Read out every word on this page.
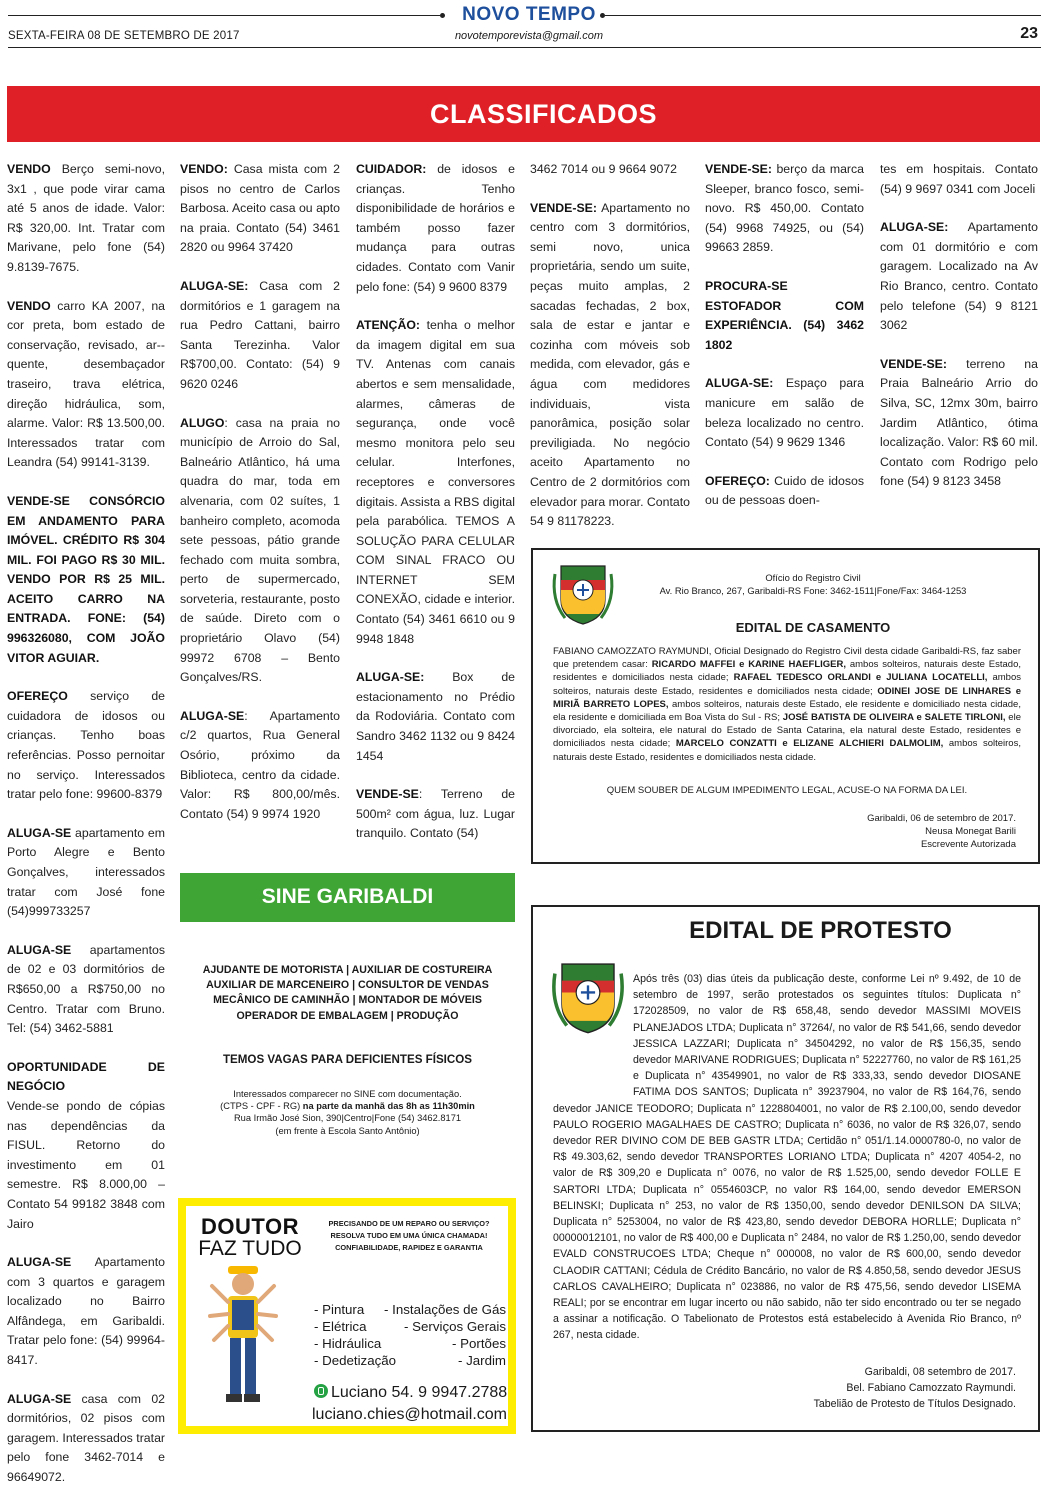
NOVO TEMPO
SEXTA-FEIRA 08 DE SETEMBRO DE 2017	novotemporevista@gmail.com	23
CLASSIFICADOS

VENDO Berço semi-novo, 3x1 , que pode virar cama até 5 anos de idade. Valor: R$ 320,00. Int. Tratar com Marivane, pelo fone (54) 9.8139-7675.

VENDO carro KA 2007, na cor preta, bom estado de conservação, revisado, ar--quente, desembaçador traseiro, trava elétrica, direção hidráulica, som, alarme. Valor: R$ 13.500,00. Interessados tratar com Leandra (54) 99141-3139.

VENDE-SE CONSÓRCIO EM ANDAMENTO PARA IMÓVEL. CRÉDITO R$ 304 MIL. FOI PAGO R$ 30 MIL. VENDO POR R$ 25 MIL. ACEITO CARRO NA ENTRADA. FONE: (54) 996326080, COM JOÃO VITOR AGUIAR.

OFEREÇO serviço de cuidadora de idosos ou crianças. Tenho boas referências. Posso pernoitar no serviço. Interessados tratar pelo fone: 99600-8379

ALUGA-SE apartamento em Porto Alegre e Bento Gonçalves, interessados tratar com José fone (54)999733257

ALUGA-SE apartamentos de 02 e 03 dormitórios de R$650,00 a R$750,00 no Centro. Tratar com Bruno. Tel: (54) 3462-5881

OPORTUNIDADE DE NEGÓCIO
Vende-se pondo de cópias nas dependências da FISUL. Retorno do investimento em 01 semestre. R$ 8.000,00 – Contato 54 99182 3848 com Jairo

ALUGA-SE Apartamento com 3 quartos e garagem localizado no Bairro Alfândega, em Garibaldi. Tratar pelo fone: (54) 99964-8417.

ALUGA-SE casa com 02 dormitórios, 02 pisos com garagem. Interessados tratar pelo fone 3462-7014 e 96649072.

VENDO: Casa mista com 2 pisos no centro de Carlos Barbosa. Aceito casa ou apto na praia. Contato (54) 3461 2820 ou 9964 37420

ALUGA-SE: Casa com 2 dormitórios e 1 garagem na rua Pedro Cattani, bairro Santa Terezinha. Valor R$700,00. Contato: (54) 9 9620 0246

ALUGO: casa na praia no município de Arroio do Sal, Balneário Atlântico, há uma quadra do mar, toda em alvenaria, com 02 suítes, 1 banheiro completo, acomoda sete pessoas, pátio grande fechado com muita sombra, perto de supermercado, sorveteria, restaurante, posto de saúde. Direto com o proprietário Olavo (54) 99972 6708 – Bento Gonçalves/RS.

ALUGA-SE: Apartamento c/2 quartos, Rua General Osório, próximo da Biblioteca, centro da cidade. Valor: R$ 800,00/mês. Contato (54) 9 9974 1920

CUIDADOR: de idosos e crianças. Tenho disponibilidade de horários e também posso fazer mudança para outras cidades. Contato com Vanir pelo fone: (54) 9 9600 8379

ATENÇÃO: tenha o melhor da imagem digital em sua TV. Antenas com canais abertos e sem mensalidade, alarmes, câmeras de segurança, onde você mesmo monitora pelo seu celular. Interfones, receptores e conversores digitais. Assista a RBS digital pela parabólica. TEMOS A SOLUÇÃO PARA CELULAR COM SINAL FRACO OU INTERNET SEM CONEXÃO, cidade e interior. Contato (54) 3461 6610 ou 9 9948 1848

ALUGA-SE: Box de estacionamento no Prédio da Rodoviária. Contato com Sandro 3462 1132 ou 9 8424 1454

VENDE-SE: Terreno de 500m² com água, luz. Lugar tranquilo. Contato (54)

3462 7014 ou 9 9664 9072

VENDE-SE: Apartamento no centro com 3 dormitórios, semi novo, unica proprietária, sendo um suite, peças muito amplas, 2 sacadas fechadas, 2 box, sala de estar e jantar e cozinha com móveis sob medida, com elevador, gás e água com medidores individuais, vista panorâmica, posição solar previligiada. No negócio aceito Apartamento no Centro de 2 dormitórios com elevador para morar. Contato 54 9 81178223.

VENDE-SE: berço da marca Sleeper, branco fosco, semi-novo. R$ 450,00. Contato (54) 9968 74925, ou (54) 99663 2859.

PROCURA-SE ESTOFADOR COM EXPERIÊNCIA. (54) 3462 1802

ALUGA-SE: Espaço para manicure em salão de beleza localizado no centro. Contato (54) 9 9629 1346

OFEREÇO: Cuido de idosos ou de pessoas doen-

tes em hospitais. Contato (54) 9 9697 0341 com Joceli

ALUGA-SE: Apartamento com 01 dormitório e com garagem. Localizado na Av Rio Branco, centro. Contato pelo telefone (54) 9 8121 3062

VENDE-SE: terreno na Praia Balneário Arrio do Silva, SC, 12mx 30m, bairro Jardim Atlântico, ótima localização. Valor: R$ 60 mil. Contato com Rodrigo pelo fone (54) 9 8123 3458

Ofício do Registro Civil
Av. Rio Branco, 267, Garibaldi-RS Fone: 3462-1511|Fone/Fax: 3464-1253
EDITAL DE CASAMENTO
FABIANO CAMOZZATO RAYMUNDI, Oficial Designado do Registro Civil desta cidade Garibaldi-RS, faz saber que pretendem casar: RICARDO MAFFEI e KARINE HAEFLIGER, ambos solteiros, naturais deste Estado, residentes e domiciliados nesta cidade; RAFAEL TEDESCO ORLANDI e JULIANA LOCATELLI, ambos solteiros, naturais deste Estado, residentes e domiciliados nesta cidade; ODINEI JOSE DE LINHARES e MIRIÃ BARRETO LOPES, ambos solteiros, naturais deste Estado, ele residente e domiciliado nesta cidade, ela residente e domiciliada em Boa Vista do Sul - RS; JOSÉ BATISTA DE OLIVEIRA e SALETE TIRLONI, ele divorciado, ela solteira, ele natural do Estado de Santa Catarina, ela natural deste Estado, residentes e domiciliados nesta cidade; MARCELO CONZATTI e ELIZANE ALCHIERI DALMOLIM, ambos solteiros, naturais deste Estado, residentes e domiciliados nesta cidade.
QUEM SOUBER DE ALGUM IMPEDIMENTO LEGAL, ACUSE-O NA FORMA DA LEI.
Garibaldi, 06 de setembro de 2017.
Neusa Monegat Barili
Escrevente Autorizada
EDITAL DE PROTESTO
Após três (03) dias úteis da publicação deste, conforme Lei nº 9.492, de 10 de setembro de 1997, serão protestados os seguintes títulos: Duplicata n° 172028509, no valor de R$ 658,48, sendo devedor MASSIMI MOVEIS PLANEJADOS LTDA; Duplicata n° 37264/, no valor de R$ 541,66, sendo devedor JESSICA LAZZARI; Duplicata n° 34504292, no valor de R$ 156,35, sendo devedor MARIVANE RODRIGUES; Duplicata n° 52227760, no valor de R$ 161,25 e Duplicata n° 43549901, no valor de R$ 333,33, sendo devedor DIOSANE FATIMA DOS SANTOS; Duplicata n° 39237904, no valor de R$ 164,76, sendo devedor JANICE TEODORO; Duplicata n° 1228804001, no valor de R$ 2.100,00, sendo devedor PAULO ROGERIO MAGALHAES DE CASTRO; Duplicata n° 6036, no valor de R$ 326,07, sendo devedor RER DIVINO COM DE BEB GASTR LTDA; Certidão n° 051/1.14.0000780-0, no valor de R$ 49.303,62, sendo devedor TRANSPORTES LORIANO LTDA; Duplicata n° 4207 4054-2, no valor de R$ 309,20 e Duplicata n° 0076, no valor de R$ 1.525,00, sendo devedor FOLLE E SARTORI LTDA; Duplicata n° 0554603CP, no valor R$ 164,00, sendo devedor EMERSON BELINSKI; Duplicata n° 253, no valor de R$ 1350,00, sendo devedor DENILSON DA SILVA; Duplicata n° 5253004, no valor de R$ 423,80, sendo devedor DEBORA HORLLE; Duplicata n° 00000012101, no valor de R$ 400,00 e Duplicata n° 2484, no valor de R$ 1.250,00, sendo devedor EVALD CONSTRUCOES LTDA; Cheque n° 000008, no valor de R$ 600,00, sendo devedor CLAODIR CATTANI; Cédula de Crédito Bancário, no valor de R$ 4.850,58, sendo devedor JESUS CARLOS CAVALHEIRO; Duplicata n° 023886, no valor de R$ 475,56, sendo devedor LISEMA REALI; por se encontrar em lugar incerto ou não sabido, não ter sido encontrado ou ter se negado a assinar a notificação. O Tabelionato de Protestos está estabelecido à Avenida Rio Branco, nº 267, nesta cidade.
Garibaldi, 08 setembro de 2017.
Bel. Fabiano Camozzato Raymundi.
Tabelião de Protesto de Títulos Designado.
SINE GARIBALDI
AJUDANTE DE MOTORISTA | AUXILIAR DE COSTUREIRA
AUXILIAR DE MARCENEIRO | CONSULTOR DE VENDAS
MECÂNICO DE CAMINHÃO | MONTADOR DE MÓVEIS
OPERADOR DE EMBALAGEM | PRODUÇÃO
TEMOS VAGAS PARA DEFICIENTES FÍSICOS
Interessados comparecer no SINE com documentação.
(CTPS - CPF - RG) na parte da manhã das 8h as 11h30min
Rua Irmão José Sion, 390|Centro|Fone (54) 3462.8171
(em frente à Escola Santo Antônio)
DOUTOR
FAZ TUDO
PRECISANDO DE UM REPARO OU SERVIÇO?
RESOLVA TUDO EM UMA ÚNICA CHAMADA!
CONFIABILIDADE, RAPIDEZ E GARANTIA
- Pintura
- Elétrica
- Hidráulica
- Dedetização
- Instalações de Gás
- Serviços Gerais
- Portões
- Jardim
Luciano 54. 9 9947.2788
luciano.chies@hotmail.com
